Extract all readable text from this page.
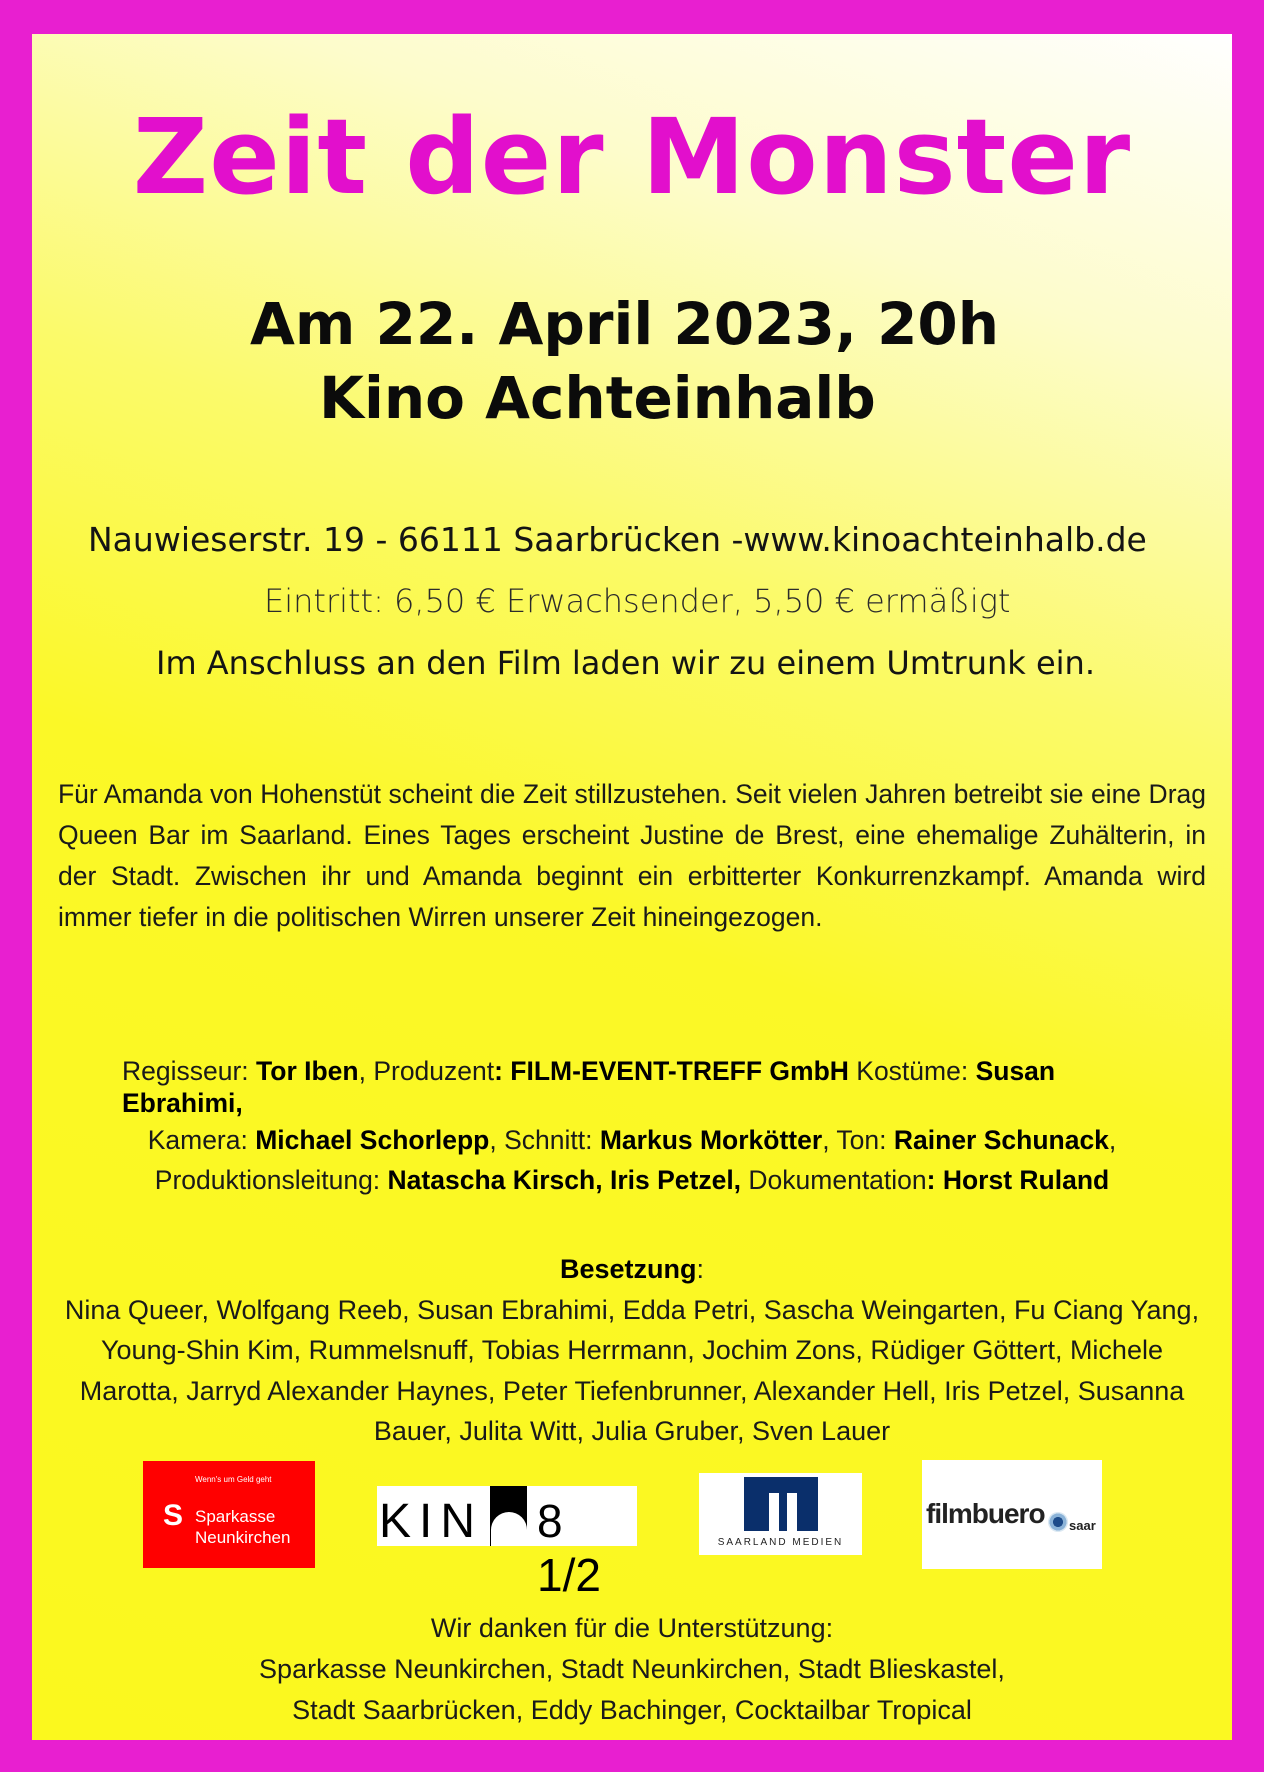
Zeit der Monster
Am 22. April 2023, 20h
Kino Achteinhalb
Nauwieserstr. 19 - 66111 Saarbrücken -www.kinoachteinhalb.de
Eintritt: 6,50 € Erwachsender, 5,50 € ermäßigt
Im Anschluss an den Film laden wir zu einem Umtrunk ein.
Für Amanda von Hohenstüt scheint die Zeit stillzustehen. Seit vielen Jahren betreibt sie eine Drag Queen Bar im Saarland. Eines Tages erscheint Justine de Brest, eine ehemalige Zuhälterin, in der Stadt. Zwischen ihr und Amanda beginnt ein erbitterter Konkurrenzkampf. Amanda wird immer tiefer in die politischen Wirren unserer Zeit hineingezogen.
Regisseur: Tor Iben, Produzent: FILM-EVENT-TREFF GmbH Kostüme: Susan
Ebrahimi,
Kamera: Michael Schorlepp, Schnitt: Markus Morkötter, Ton: Rainer Schunack,
Produktionsleitung: Natascha Kirsch, Iris Petzel, Dokumentation: Horst Ruland
Besetzung:
Nina Queer, Wolfgang Reeb, Susan Ebrahimi, Edda Petri, Sascha Weingarten, Fu Ciang Yang, Young-Shin Kim, Rummelsnuff, Tobias Herrmann, Jochim Zons, Rüdiger Göttert, Michele Marotta, Jarryd Alexander Haynes, Peter Tiefenbrunner, Alexander Hell, Iris Petzel, Susanna Bauer, Julita Witt, Julia Gruber, Sven Lauer
Wenn's um Geld geht
S Sparkasse
Neunkirchen KIN 8 1/2
SAARLAND MEDIEN
filmbuero saar
Wir danken für die Unterstützung:
Sparkasse Neunkirchen, Stadt Neunkirchen, Stadt Blieskastel,
Stadt Saarbrücken, Eddy Bachinger, Cocktailbar Tropical
